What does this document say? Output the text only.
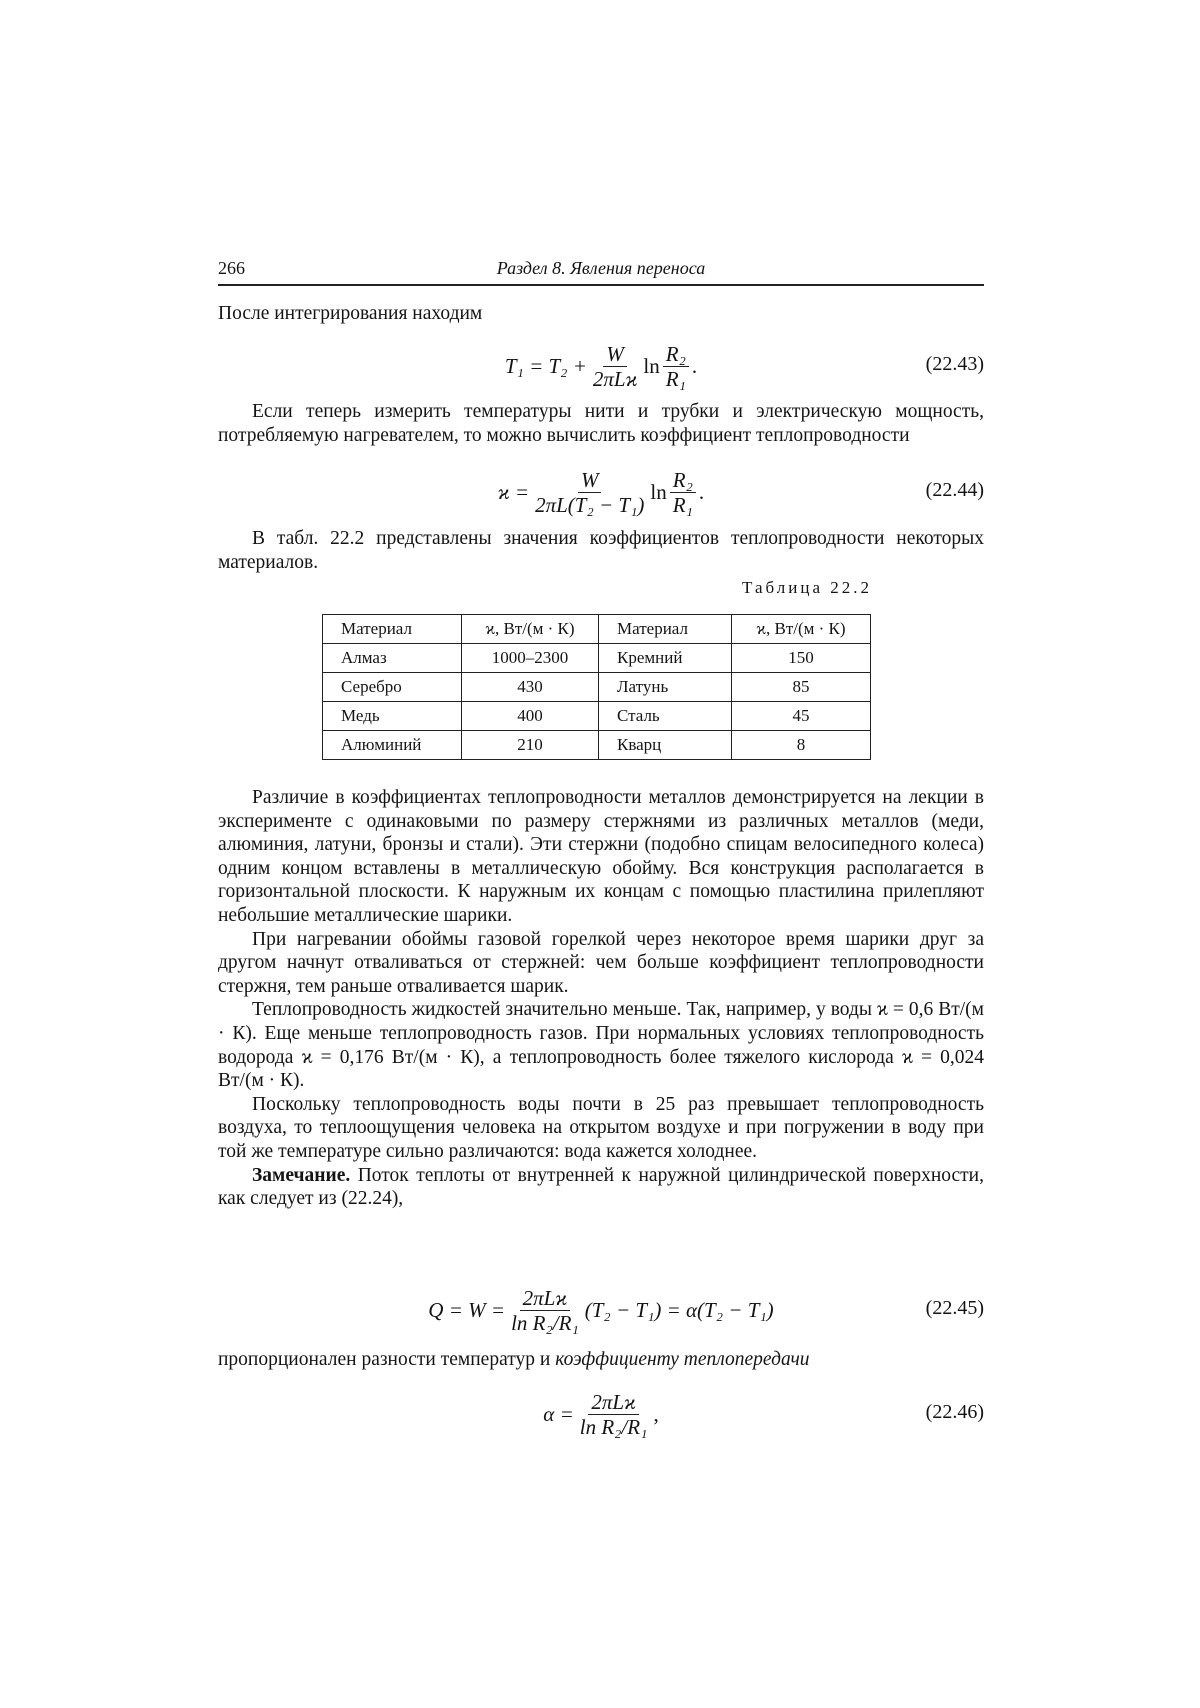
266	Раздел 8. Явления переноса

После интегрирования находим

$T_1 = T_2 + \frac{W}{\text{2πLϰ}}$ $\ln \frac{\text{R₂}}{\text{R₁}}$ .	(22.43)

Если теперь измерить температуры нити и трубки и электрическую мощность, потребляемую нагревателем, то можно вычислить коэффициент теплопроводности

$ϰ = \frac{W}{\text{2πL(T₂ − T₁)}}$ $\ln \frac{\text{R₂}}{\text{R₁}}$ .	(22.44)

В табл. 22.2 представлены значения коэффициентов теплопроводности некоторых материалов.

Таблица 22.2
Материал	ϰ, Вт/(м · К)	Материал	ϰ, Вт/(м · К)
Алмаз	1000–2300	Кремний	150
Серебро	430	Латунь	85
Медь	400	Сталь	45
Алюминий	210	Кварц	8

Различие в коэффициентах теплопроводности металлов демонстрируется на лекции в эксперименте с одинаковыми по размеру стержнями из различных металлов (меди, алюминия, латуни, бронзы и стали). Эти стержни (подобно спицам велосипедного колеса) одним концом вставлены в металлическую обойму. Вся конструкция располагается в горизонтальной плоскости. К наружным их концам с помощью пластилина прилепляют небольшие металлические шарики.

При нагревании обоймы газовой горелкой через некоторое время шарики друг за другом начнут отваливаться от стержней: чем больше коэффициент теплопроводности стержня, тем раньше отваливается шарик.

Теплопроводность жидкостей значительно меньше. Так, например, у воды ϰ = 0,6 Вт/(м · К). Еще меньше теплопроводность газов. При нормальных условиях теплопроводность водорода ϰ = 0,176 Вт/(м · К), а теплопроводность более тяжелого кислорода ϰ = 0,024 Вт/(м · К).

Поскольку теплопроводность воды почти в 25 раз превышает теплопроводность воздуха, то теплоощущения человека на открытом воздухе и при погружении в воду при той же температуре сильно различаются: вода кажется холоднее.

Замечание. Поток теплоты от внутренней к наружной цилиндрической поверхности, как следует из (22.24),

$Q = W = \frac{\text{2πLϰ}}{\text{ln R₂/R₁}} (T_2 - T_1) = \alpha(T_2 - T_1)$	(22.45)

пропорционален разности температур и коэффициенту теплопередачи

$\alpha = \frac{\text{2πLϰ}}{\text{ln R₂/R₁}}$ ,	(22.46)
